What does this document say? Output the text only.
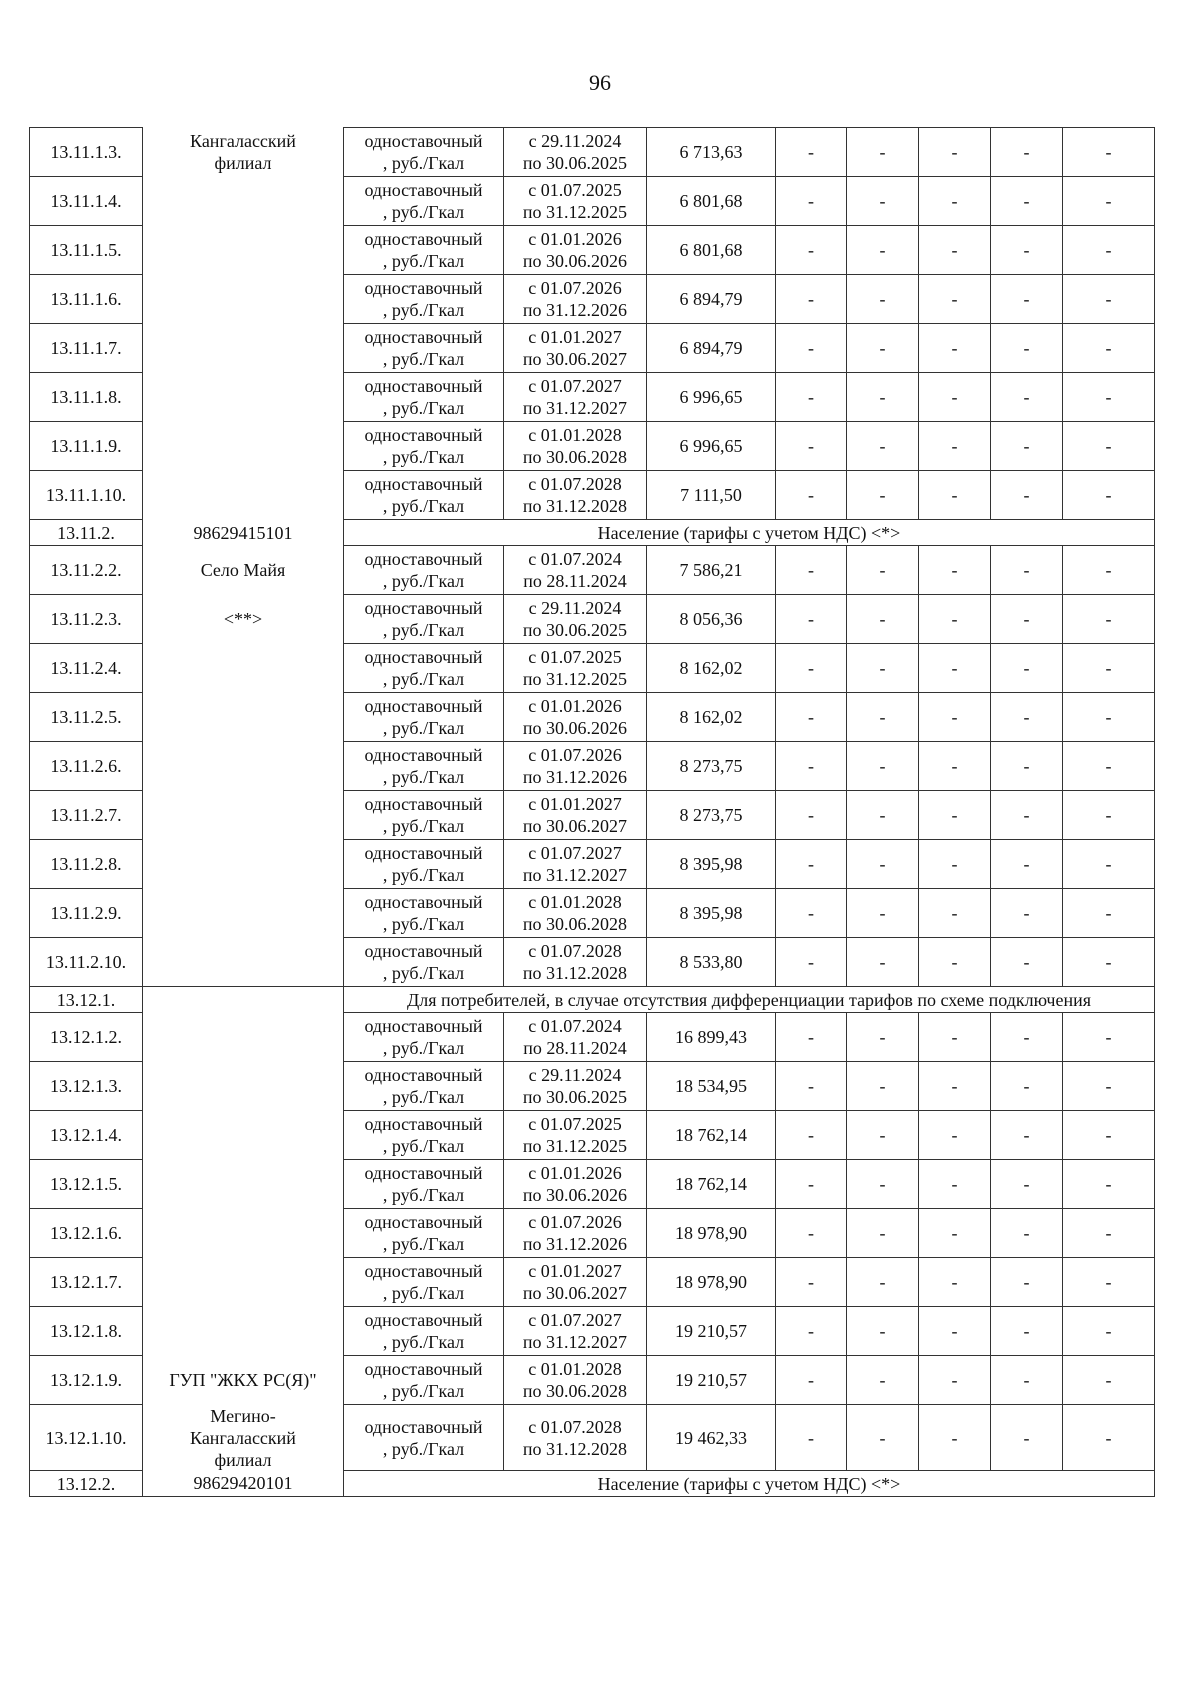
96
13.11.1.3.	Кангаласский
филиал	одноставочный
, руб./Гкал	с 29.11.2024
по 30.06.2025	6 713,63	-	-	-	-	-
13.11.1.4.		одноставочный
, руб./Гкал	с 01.07.2025
по 31.12.2025	6 801,68	-	-	-	-	-
13.11.1.5.		одноставочный
, руб./Гкал	с 01.01.2026
по 30.06.2026	6 801,68	-	-	-	-	-
13.11.1.6.		одноставочный
, руб./Гкал	с 01.07.2026
по 31.12.2026	6 894,79	-	-	-	-	-
13.11.1.7.		одноставочный
, руб./Гкал	с 01.01.2027
по 30.06.2027	6 894,79	-	-	-	-	-
13.11.1.8.		одноставочный
, руб./Гкал	с 01.07.2027
по 31.12.2027	6 996,65	-	-	-	-	-
13.11.1.9.		одноставочный
, руб./Гкал	с 01.01.2028
по 30.06.2028	6 996,65	-	-	-	-	-
13.11.1.10.		одноставочный
, руб./Гкал	с 01.07.2028
по 31.12.2028	7 111,50	-	-	-	-	-
13.11.2.	98629415101	Население (тарифы с учетом НДС) <*>							
13.11.2.2.	Село Майя	одноставочный
, руб./Гкал	с 01.07.2024
по 28.11.2024	7 586,21	-	-	-	-	-
13.11.2.3.	<**>	одноставочный
, руб./Гкал	с 29.11.2024
по 30.06.2025	8 056,36	-	-	-	-	-
13.11.2.4.		одноставочный
, руб./Гкал	с 01.07.2025
по 31.12.2025	8 162,02	-	-	-	-	-
13.11.2.5.		одноставочный
, руб./Гкал	с 01.01.2026
по 30.06.2026	8 162,02	-	-	-	-	-
13.11.2.6.		одноставочный
, руб./Гкал	с 01.07.2026
по 31.12.2026	8 273,75	-	-	-	-	-
13.11.2.7.		одноставочный
, руб./Гкал	с 01.01.2027
по 30.06.2027	8 273,75	-	-	-	-	-
13.11.2.8.		одноставочный
, руб./Гкал	с 01.07.2027
по 31.12.2027	8 395,98	-	-	-	-	-
13.11.2.9.		одноставочный
, руб./Гкал	с 01.01.2028
по 30.06.2028	8 395,98	-	-	-	-	-
13.11.2.10.		одноставочный
, руб./Гкал	с 01.07.2028
по 31.12.2028	8 533,80	-	-	-	-	-
13.12.1.		Для потребителей, в случае отсутствия дифференциации тарифов по схеме подключения							
13.12.1.2.		одноставочный
, руб./Гкал	с 01.07.2024
по 28.11.2024	16 899,43	-	-	-	-	-
13.12.1.3.		одноставочный
, руб./Гкал	с 29.11.2024
по 30.06.2025	18 534,95	-	-	-	-	-
13.12.1.4.		одноставочный
, руб./Гкал	с 01.07.2025
по 31.12.2025	18 762,14	-	-	-	-	-
13.12.1.5.		одноставочный
, руб./Гкал	с 01.01.2026
по 30.06.2026	18 762,14	-	-	-	-	-
13.12.1.6.		одноставочный
, руб./Гкал	с 01.07.2026
по 31.12.2026	18 978,90	-	-	-	-	-
13.12.1.7.		одноставочный
, руб./Гкал	с 01.01.2027
по 30.06.2027	18 978,90	-	-	-	-	-
13.12.1.8.		одноставочный
, руб./Гкал	с 01.07.2027
по 31.12.2027	19 210,57	-	-	-	-	-
13.12.1.9.	ГУП "ЖКХ РС(Я)"	одноставочный
, руб./Гкал	с 01.01.2028
по 30.06.2028	19 210,57	-	-	-	-	-
13.12.1.10.	Мегино-
Кангаласский
филиал	одноставочный
, руб./Гкал	с 01.07.2028
по 31.12.2028	19 462,33	-	-	-	-	-
13.12.2.	98629420101	Население (тарифы с учетом НДС) <*>							
